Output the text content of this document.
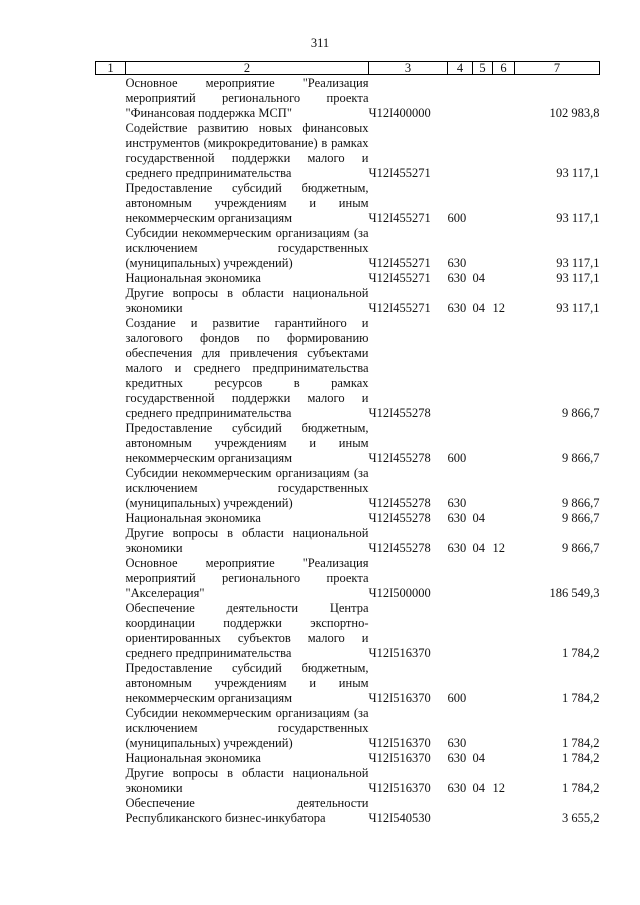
311
1	2	3	4	5	6	7
	Основное мероприятие "Реализация мероприятий регионального проекта "Финансовая поддержка МСП"	Ч12I400000				102 983,8
	Содействие развитию новых финансовых инструментов (микрокредитование) в рамках государственной поддержки малого и среднего предпринимательства	Ч12I455271				93 117,1
	Предоставление субсидий бюджетным, автономным учреждениям и иным некоммерческим организациям	Ч12I455271	600			93 117,1
	Субсидии некоммерческим организациям (за исключением государственных (муниципальных) учреждений)	Ч12I455271	630			93 117,1
	Национальная экономика	Ч12I455271	630	04		93 117,1
	Другие вопросы в области национальной экономики	Ч12I455271	630	04	12	93 117,1
	Создание и развитие гарантийного и залогового фондов по формированию обеспечения для привлечения субъектами малого и среднего предпринимательства кредитных ресурсов в рамках государственной поддержки малого и среднего предпринимательства	Ч12I455278				9 866,7
	Предоставление субсидий бюджетным, автономным учреждениям и иным некоммерческим организациям	Ч12I455278	600			9 866,7
	Субсидии некоммерческим организациям (за исключением государственных (муниципальных) учреждений)	Ч12I455278	630			9 866,7
	Национальная экономика	Ч12I455278	630	04		9 866,7
	Другие вопросы в области национальной экономики	Ч12I455278	630	04	12	9 866,7
	Основное мероприятие "Реализация мероприятий регионального проекта "Акселерация"	Ч12I500000				186 549,3
	Обеспечение деятельности Центра координации поддержки экспортно-ориентированных субъектов малого и среднего предпринимательства	Ч12I516370				1 784,2
	Предоставление субсидий бюджетным, автономным учреждениям и иным некоммерческим организациям	Ч12I516370	600			1 784,2
	Субсидии некоммерческим организациям (за исключением государственных (муниципальных) учреждений)	Ч12I516370	630			1 784,2
	Национальная экономика	Ч12I516370	630	04		1 784,2
	Другие вопросы в области национальной экономики	Ч12I516370	630	04	12	1 784,2
	Обеспечение деятельности Республиканского бизнес-инкубатора	Ч12I540530				3 655,2
